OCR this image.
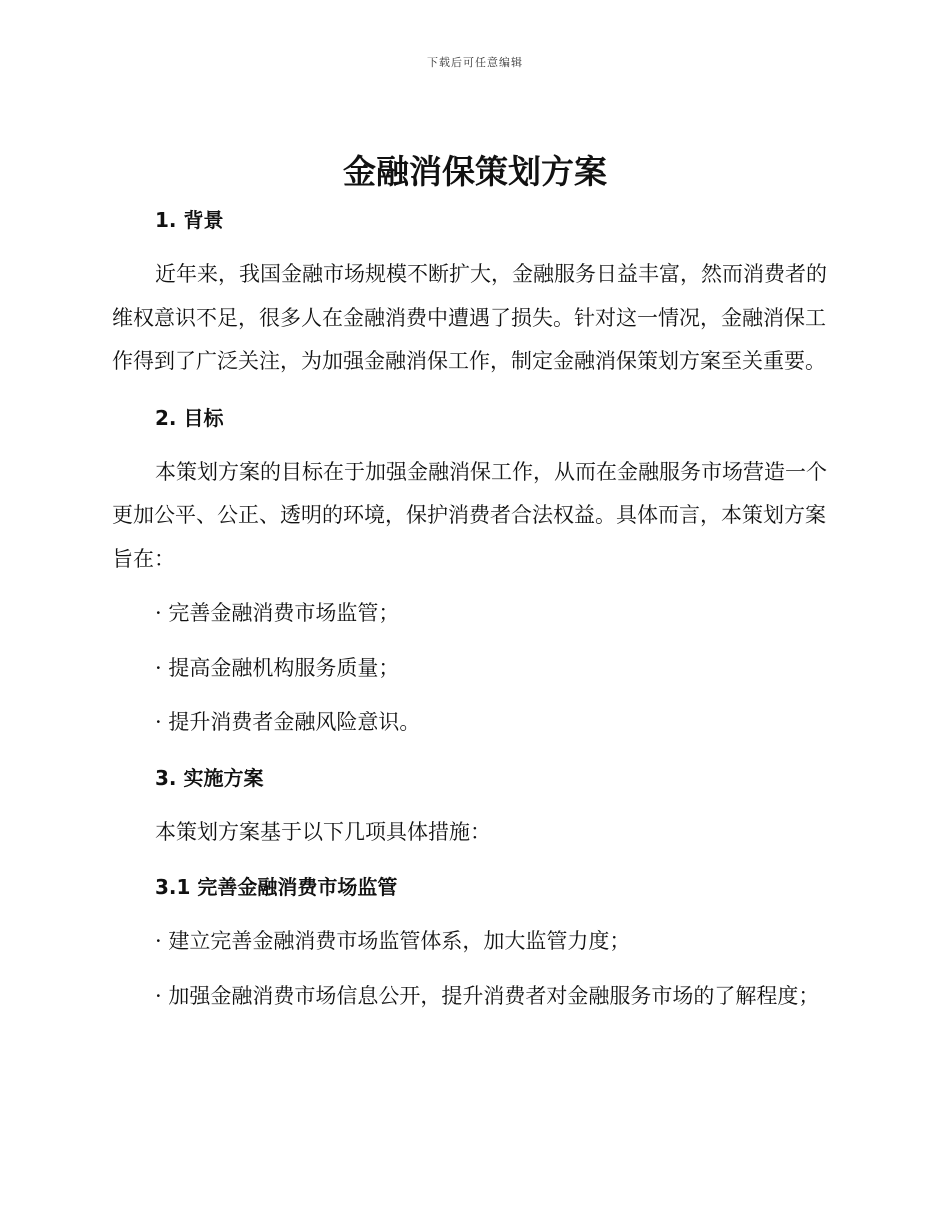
下载后可任意编辑
金融消保策划方案
1. 背景

近年来，我国金融市场规模不断扩大，金融服务日益丰富，然而消费者的维权意识不足，很多人在金融消费中遭遇了损失。针对这一情况，金融消保工作得到了广泛关注，为加强金融消保工作，制定金融消保策划方案至关重要。

2. 目标

本策划方案的目标在于加强金融消保工作，从而在金融服务市场营造一个更加公平、公正、透明的环境，保护消费者合法权益。具体而言，本策划方案旨在：

· 完善金融消费市场监管；

· 提高金融机构服务质量；

· 提升消费者金融风险意识。

3. 实施方案

本策划方案基于以下几项具体措施：

3.1 完善金融消费市场监管

· 建立完善金融消费市场监管体系，加大监管力度；

· 加强金融消费市场信息公开，提升消费者对金融服务市场的了解程度；
